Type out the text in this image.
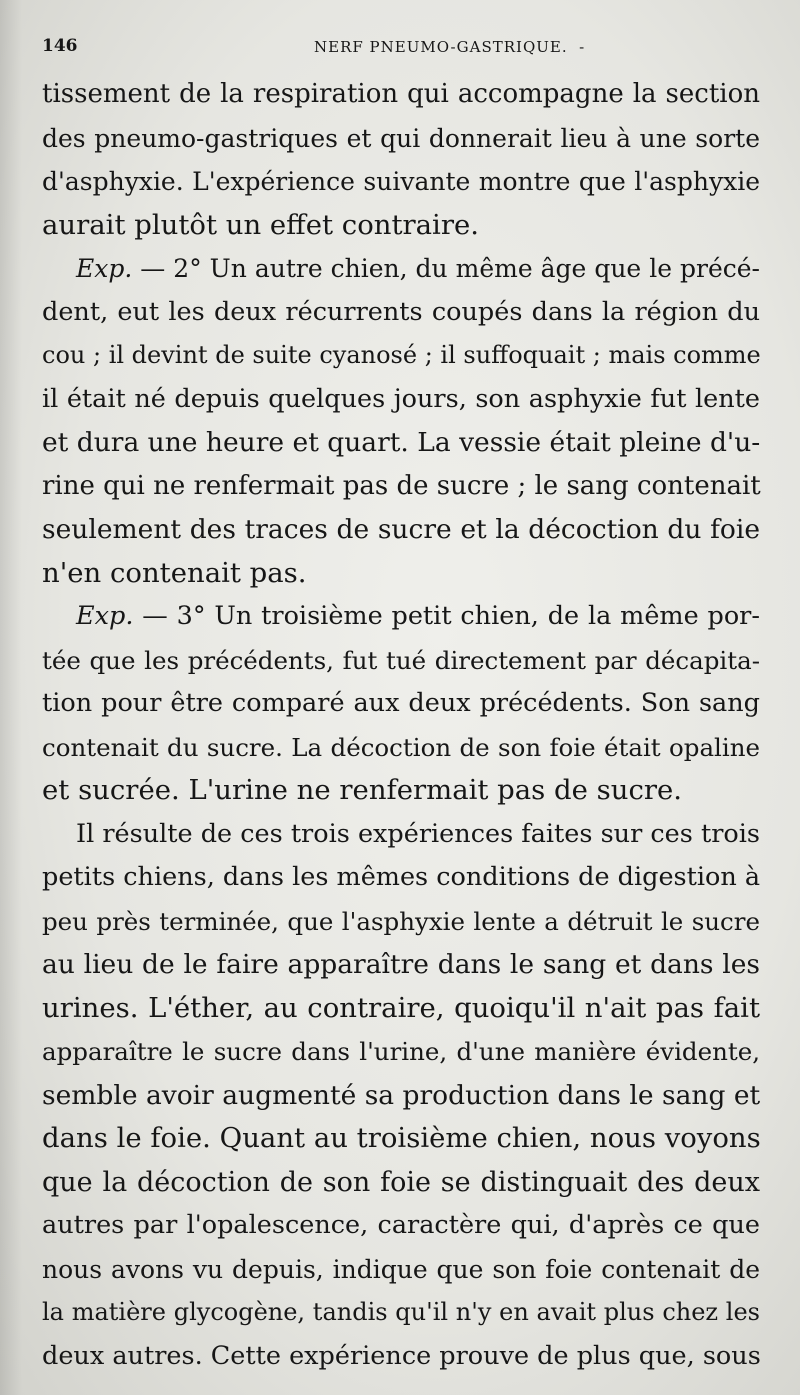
146	NERF PNEUMO-GASTRIQUE.  -
tissement de la respiration qui accompagne la section
des pneumo-gastriques et qui donnerait lieu à une sorte
d'asphyxie. L'expérience suivante montre que l'asphyxie
aurait plutôt un effet contraire.
Exp. — 2° Un autre chien, du même âge que le précé-
dent, eut les deux récurrents coupés dans la région du
cou ; il devint de suite cyanosé ; il suffoquait ; mais comme
il était né depuis quelques jours, son asphyxie fut lente
et dura une heure et quart. La vessie était pleine d'u-
rine qui ne renfermait pas de sucre ; le sang contenait
seulement des traces de sucre et la décoction du foie
n'en contenait pas.
Exp. — 3° Un troisième petit chien, de la même por-
tée que les précédents, fut tué directement par décapita-
tion pour être comparé aux deux précédents. Son sang
contenait du sucre. La décoction de son foie était opaline
et sucrée. L'urine ne renfermait pas de sucre.
Il résulte de ces trois expériences faites sur ces trois
petits chiens, dans les mêmes conditions de digestion à
peu près terminée, que l'asphyxie lente a détruit le sucre
au lieu de le faire apparaître dans le sang et dans les
urines. L'éther, au contraire, quoiqu'il n'ait pas fait
apparaître le sucre dans l'urine, d'une manière évidente,
semble avoir augmenté sa production dans le sang et
dans le foie. Quant au troisième chien, nous voyons
que la décoction de son foie se distinguait des deux
autres par l'opalescence, caractère qui, d'après ce que
nous avons vu depuis, indique que son foie contenait de
la matière glycogène, tandis qu'il n'y en avait plus chez les
deux autres. Cette expérience prouve de plus que, sous
